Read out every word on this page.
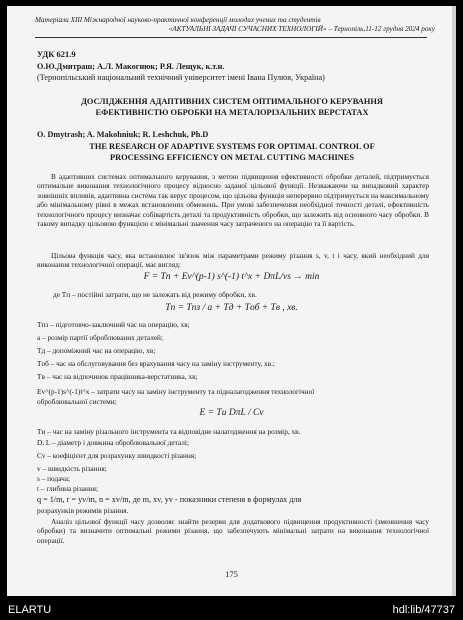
Матеріали XIII Міжнародної науково-практичної конференції молодих учених та студентів
«АКТУАЛЬНІ ЗАДАЧІ СУЧАСНИХ ТЕХНОЛОГІЙ» – Тернопіль,11-12 грудня 2024 року
УДК 621.9
О.Ю.Дмитраш; А.Л. Макогнюк; Р.Я. Лещук, к.т.н.
(Тернопільський національний технічний університет імені Івана Пулюя, Україна)
ДОСЛІДЖЕННЯ АДАПТИВНИХ СИСТЕМ ОПТИМАЛЬНОГО КЕРУВАННЯ
ЕФЕКТИВНІСТЮ ОБРОБКИ НА МЕТАЛОРІЗАЛЬНИХ ВЕРСТАТАХ
O. Dmytrash; A. Makohniuk; R. Leshchuk, Ph.D
THE RESEARCH OF ADAPTIVE SYSTEMS FOR OPTIMAL CONTROL OF
PROCESSING EFFICIENCY ON METAL CUTTING MACHINES
В адаптивних системах оптимального керування, з метою підвищення ефективності обробки деталей, підтримується оптимальне виконання технологічного процесу відносно заданої цільової функції. Незважаючи на випадковий характер зовнішніх впливів, адаптивна система так керує процесом, що цільова функція неперервно підтримується на максимальному або мінімальному рівні в межах встановлених обмежень. При умові забезпечення необхідної точності деталі, ефективність технологічного процесу визначає собівартість деталі та продуктивність обробки, що залежить від основного часу обробки. В такому випадку цільовою функцією є мінімальні значення часу затраченого на операцію та її вартість.
Цільова функція часу, яка встановлює зв'язок між параметрами режиму різання s, v, t і часу, який необхідний для виконання технологічної операції, має вигляд:
F = Tп + Ev^(p-1) s^(-1) t^x + DπL/vs → min
де Tп – постійні затрати, що не залежать від режиму обробки, хв.
Tп = Tпз / a + Tд + Tоб + Tв , хв.
Tпз – підготовчо-заключний час на операцію, хв;
a – розмір партії оброблюваних деталей;
Tд – допоміжний час на операцію, хв;
Tоб – час на обслуговування без врахування часу на заміну інструменту, хв.;
Tв – час на відпочинок працівника-верстатника, хв;
Ev^(p-1)s^(-1)t^x – затрати часу на заміну інструменту та підналагодження технологічної
оброблювальної системи;
E = Tи DπL / Cv
Tи – час на заміну різального інструмента та відповідне налагодження на розмір, хв.
D, L – діаметр і довжина оброблювальної деталі;
Cv – коефіцієнт для розрахунку швидкості різання;
v – швидкість різання;
s – подача;
t – глибина різання;
q = 1/m, r = yv/m, n = xv/m, де m, xv, yv - показники степеня в формулах для
розрахунків режимів різання.
Аналіз цільової функції часу дозволяє знайти резерви для додаткового підвищення продуктивності (зменшення часу обробки) та визначити оптимальні режими різання, що забезпечують мінімальні затрати на виконання технологічної операції.
175
ELARTU	hdl:lib/47737
